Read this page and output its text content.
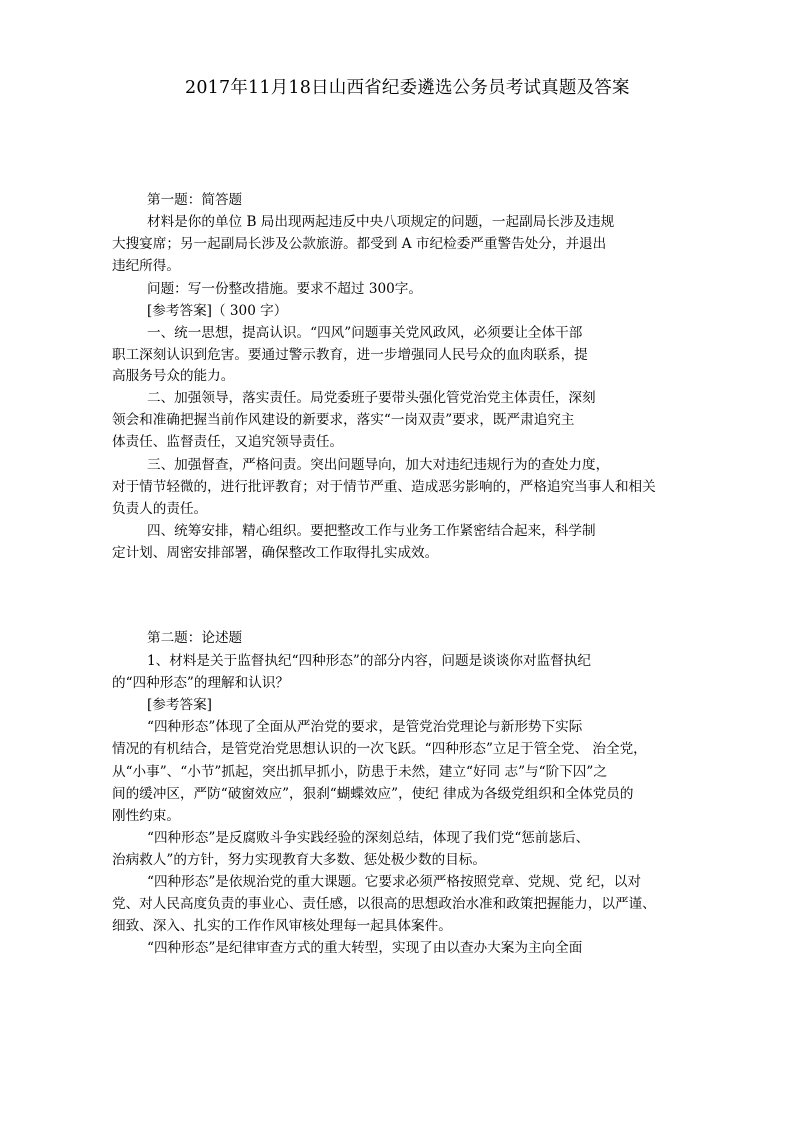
2017年11月18日山西省纪委遴选公务员考试真题及答案
第一题：简答题
材料是你的单位 B 局出现两起违反中央八项规定的问题，一起副局长涉及违规
大搜宴席；另一起副局长涉及公款旅游。都受到 A 市纪检委严重警告处分，并退出
违纪所得。
问题：写一份整改措施。要求不超过 300字。
[参考答案]（ 300 字）
一、统一思想，提高认识。“四风”问题事关党风政风，必须要让全体干部
职工深刻认识到危害。要通过警示教育，进一步增强同人民号众的血肉联系，提
高服务号众的能力。
二、加强领导，落实责任。局党委班子要带头强化管党治党主体责任，深刻
领会和准确把握当前作风建设的新要求，落实“一岗双责”要求，既严肃追究主
体责任、监督责任，又追究领导责任。
三、加强督查，严格问责。突出问题导向，加大对违纪违规行为的查处力度，
对于情节轻微的，进行批评教育；对于情节严重、造成恶劣影响的，严格追究当事人和相关
负责人的责任。
四、统筹安排，精心组织。要把整改工作与业务工作紧密结合起来，科学制
定计划、周密安排部署，确保整改工作取得扎实成效。
第二题：论述题
1、材料是关于监督执纪“四种形态”的部分内容，问题是谈谈你对监督执纪
的“四种形态”的理解和认识？
[参考答案]
“四种形态”体现了全面从严治党的要求，是管党治党理论与新形势下实际
情况的有机结合，是管党治党思想认识的一次飞跃。“四种形态”立足于管全党、 治全党，
从“小事”、“小节”抓起，突出抓早抓小，防患于未然，建立“好同 志”与“阶下囚”之
间的缓冲区，严防“破窗效应”，狠刹“蝴蝶效应”，使纪 律成为各级党组织和全体党员的
刚性约束。
“四种形态”是反腐败斗争实践经验的深刻总结，体现了我们党“惩前毖后、
治病救人”的方针，努力实现教育大多数、惩处极少数的目标。
“四种形态”是依规治党的重大课题。它要求必须严格按照党章、党规、党 纪，以对
党、对人民高度负责的事业心、责任感，以很高的思想政治水准和政策把握能力，以严谨、
细致、深入、扎实的工作作风审核处理每一起具体案件。
“四种形态”是纪律审查方式的重大转型，实现了由以查办大案为主向全面
